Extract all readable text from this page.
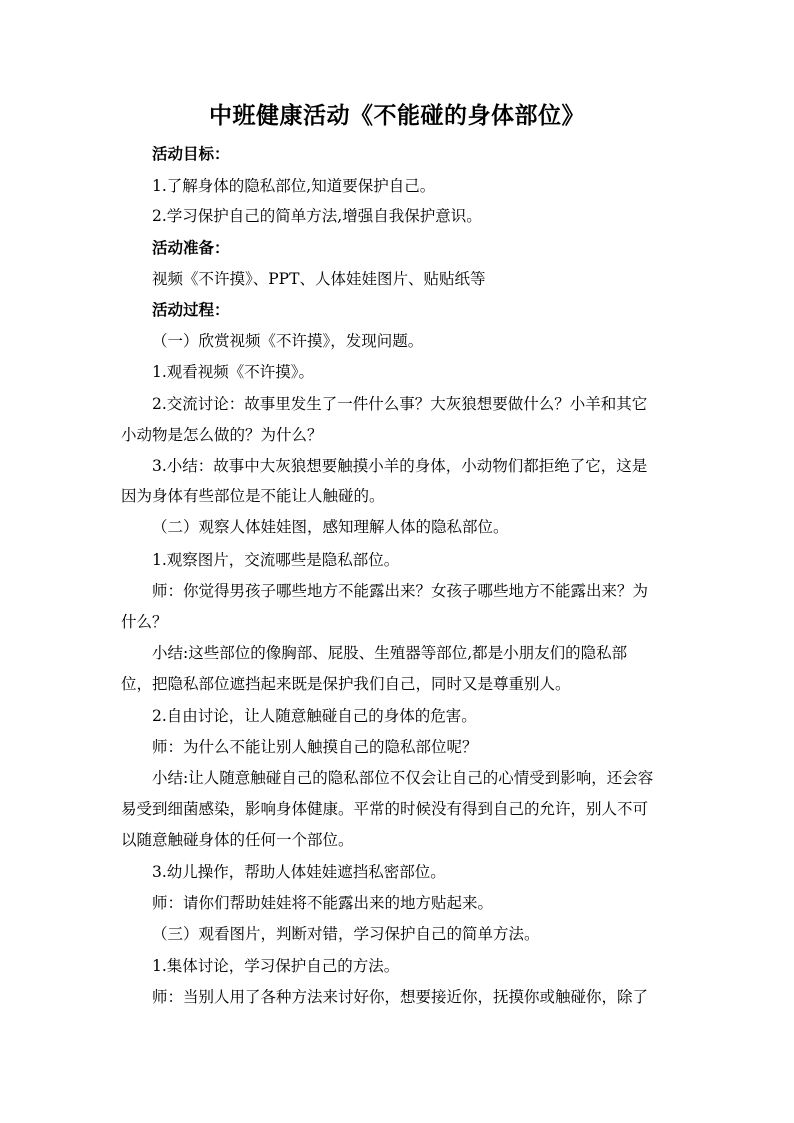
中班健康活动《不能碰的身体部位》
活动目标：
1.了解身体的隐私部位,知道要保护自己。
2.学习保护自己的简单方法,增强自我保护意识。
活动准备：
视频《不许摸》、PPT、人体娃娃图片、贴贴纸等
活动过程：
（一）欣赏视频《不许摸》，发现问题。
1.观看视频《不许摸》。
2.交流讨论：故事里发生了一件什么事？大灰狼想要做什么？小羊和其它
小动物是怎么做的？为什么？
3.小结：故事中大灰狼想要触摸小羊的身体，小动物们都拒绝了它，这是
因为身体有些部位是不能让人触碰的。
（二）观察人体娃娃图，感知理解人体的隐私部位。
1.观察图片，交流哪些是隐私部位。
师：你觉得男孩子哪些地方不能露出来？女孩子哪些地方不能露出来？为
什么？
小结:这些部位的像胸部、屁股、生殖器等部位,都是小朋友们的隐私部
位，把隐私部位遮挡起来既是保护我们自己，同时又是尊重别人。
2.自由讨论，让人随意触碰自己的身体的危害。
师：为什么不能让别人触摸自己的隐私部位呢？
小结:让人随意触碰自己的隐私部位不仅会让自己的心情受到影响，还会容
易受到细菌感染，影响身体健康。平常的时候没有得到自己的允许，别人不可
以随意触碰身体的任何一个部位。
3.幼儿操作，帮助人体娃娃遮挡私密部位。
师：请你们帮助娃娃将不能露出来的地方贴起来。
（三）观看图片，判断对错，学习保护自己的简单方法。
1.集体讨论，学习保护自己的方法。
师：当别人用了各种方法来讨好你，想要接近你，抚摸你或触碰你，除了
